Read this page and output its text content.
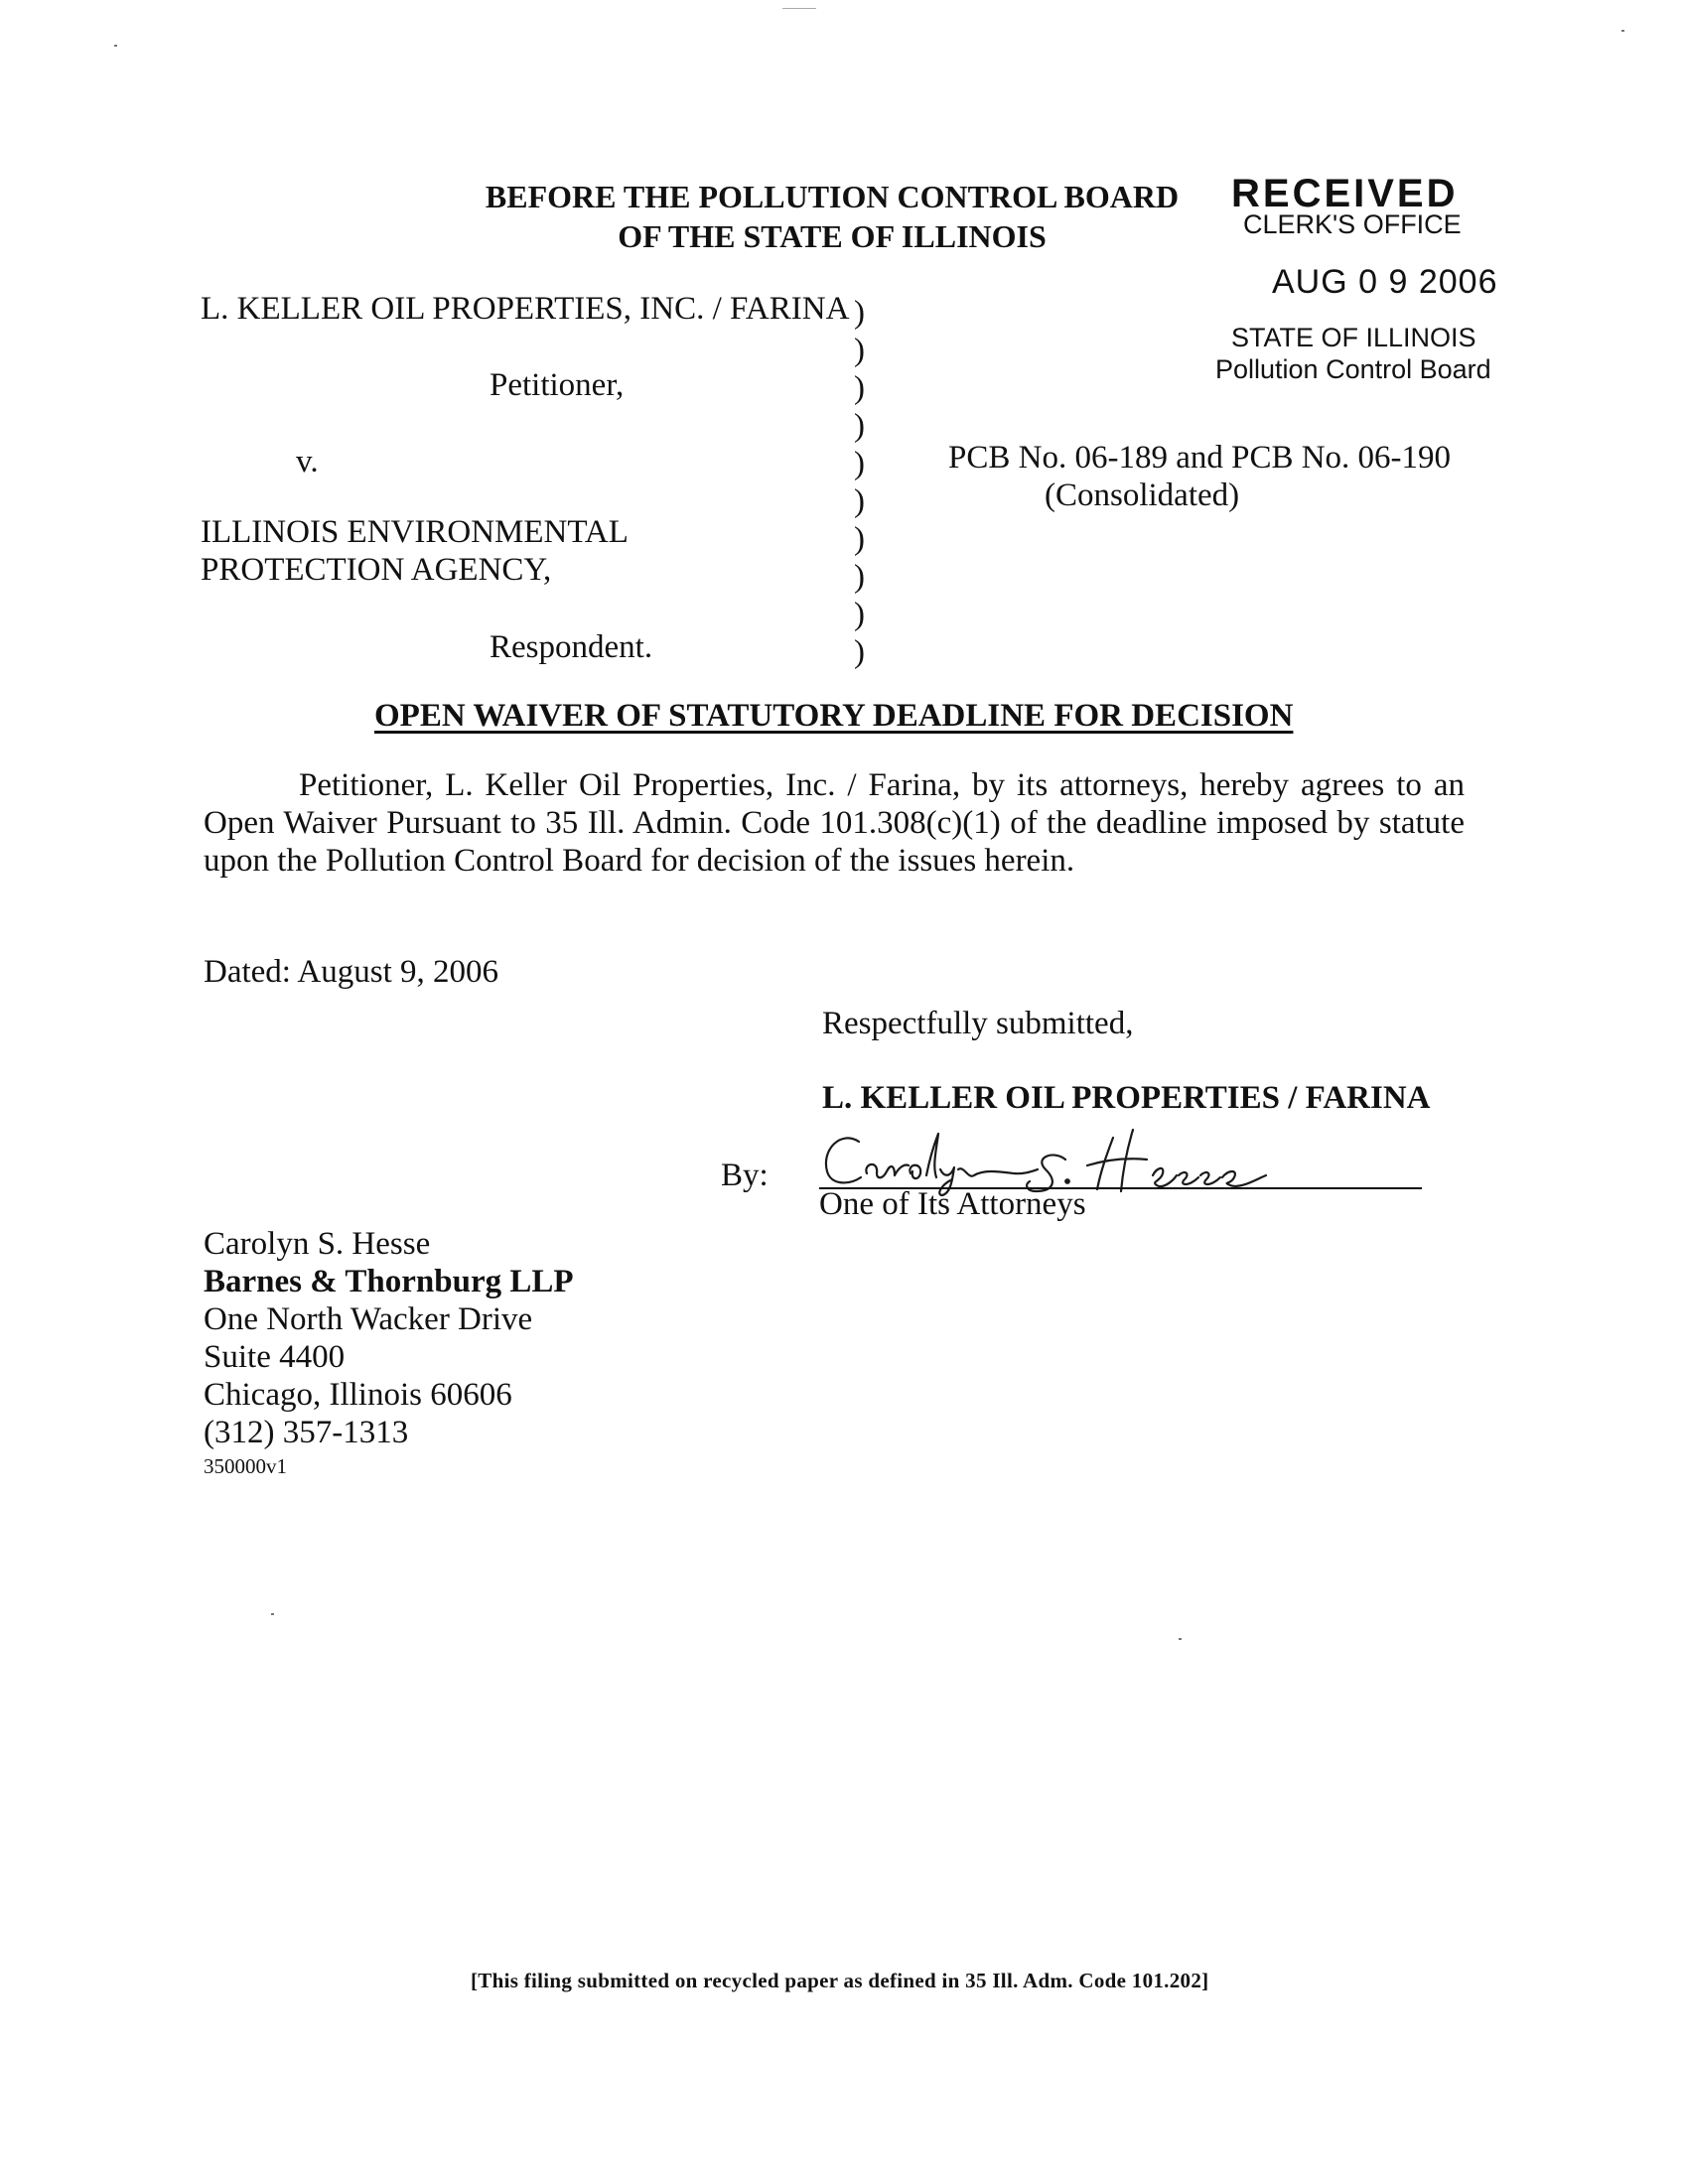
BEFORE THE POLLUTION CONTROL BOARD
OF THE STATE OF ILLINOIS
RECEIVED
CLERK'S OFFICE
AUG 0 9 2006
STATE OF ILLINOIS
Pollution Control Board
L. KELLER OIL PROPERTIES, INC. / FARINA
Petitioner,
v.
ILLINOIS ENVIRONMENTAL
PROTECTION AGENCY,
Respondent.
)
)
)
)
)
)
)
)
)
)
PCB No. 06-189 and PCB No. 06-190
(Consolidated)
OPEN WAIVER OF STATUTORY DEADLINE FOR DECISION
Petitioner, L. Keller Oil Properties, Inc. / Farina, by its attorneys, hereby agrees to an Open Waiver Pursuant to 35 Ill. Admin. Code 101.308(c)(1) of the deadline imposed by statute upon the Pollution Control Board for decision of the issues herein.
Dated: August 9, 2006
Respectfully submitted,
L. KELLER OIL PROPERTIES / FARINA
By:
One of Its Attorneys
Carolyn S. Hesse
Barnes & Thornburg LLP
One North Wacker Drive
Suite 4400
Chicago, Illinois 60606
(312) 357-1313
350000v1
[This filing submitted on recycled paper as defined in 35 Ill. Adm. Code 101.202]
